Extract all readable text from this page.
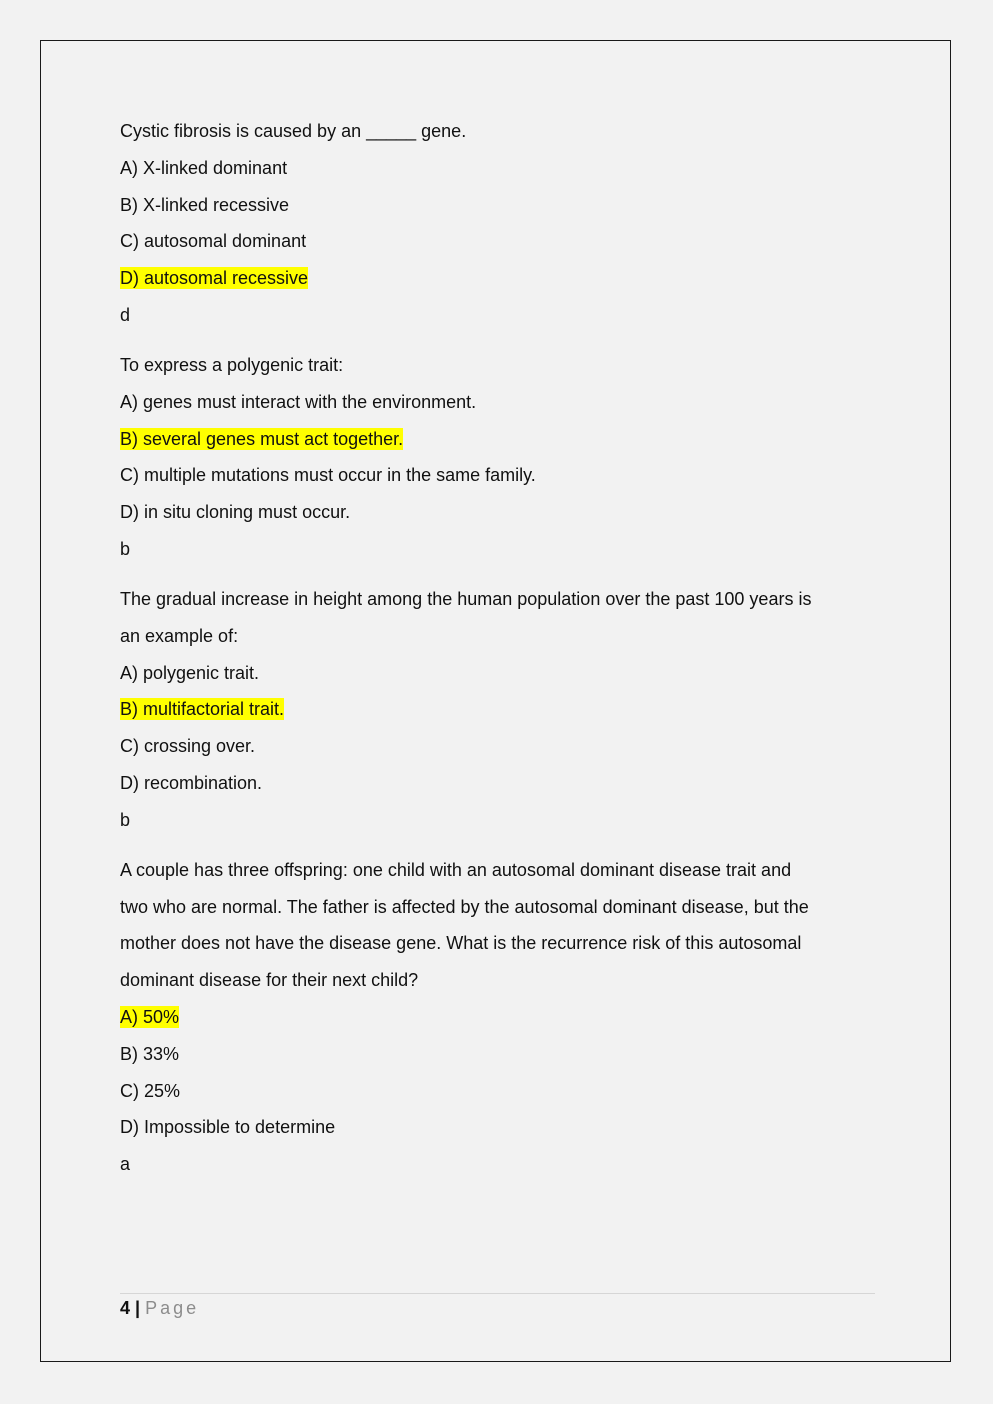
Cystic fibrosis is caused by an _____ gene.
A) X-linked dominant
B) X-linked recessive
C) autosomal dominant
D) autosomal recessive
d
To express a polygenic trait:
A) genes must interact with the environment.
B) several genes must act together.
C) multiple mutations must occur in the same family.
D) in situ cloning must occur.
b
The gradual increase in height among the human population over the past 100 years is
an example of:
A) polygenic trait.
B) multifactorial trait.
C) crossing over.
D) recombination.
b
A couple has three offspring: one child with an autosomal dominant disease trait and
two who are normal. The father is affected by the autosomal dominant disease, but the
mother does not have the disease gene. What is the recurrence risk of this autosomal
dominant disease for their next child?
A) 50%
B) 33%
C) 25%
D) Impossible to determine
a
4 | Page
